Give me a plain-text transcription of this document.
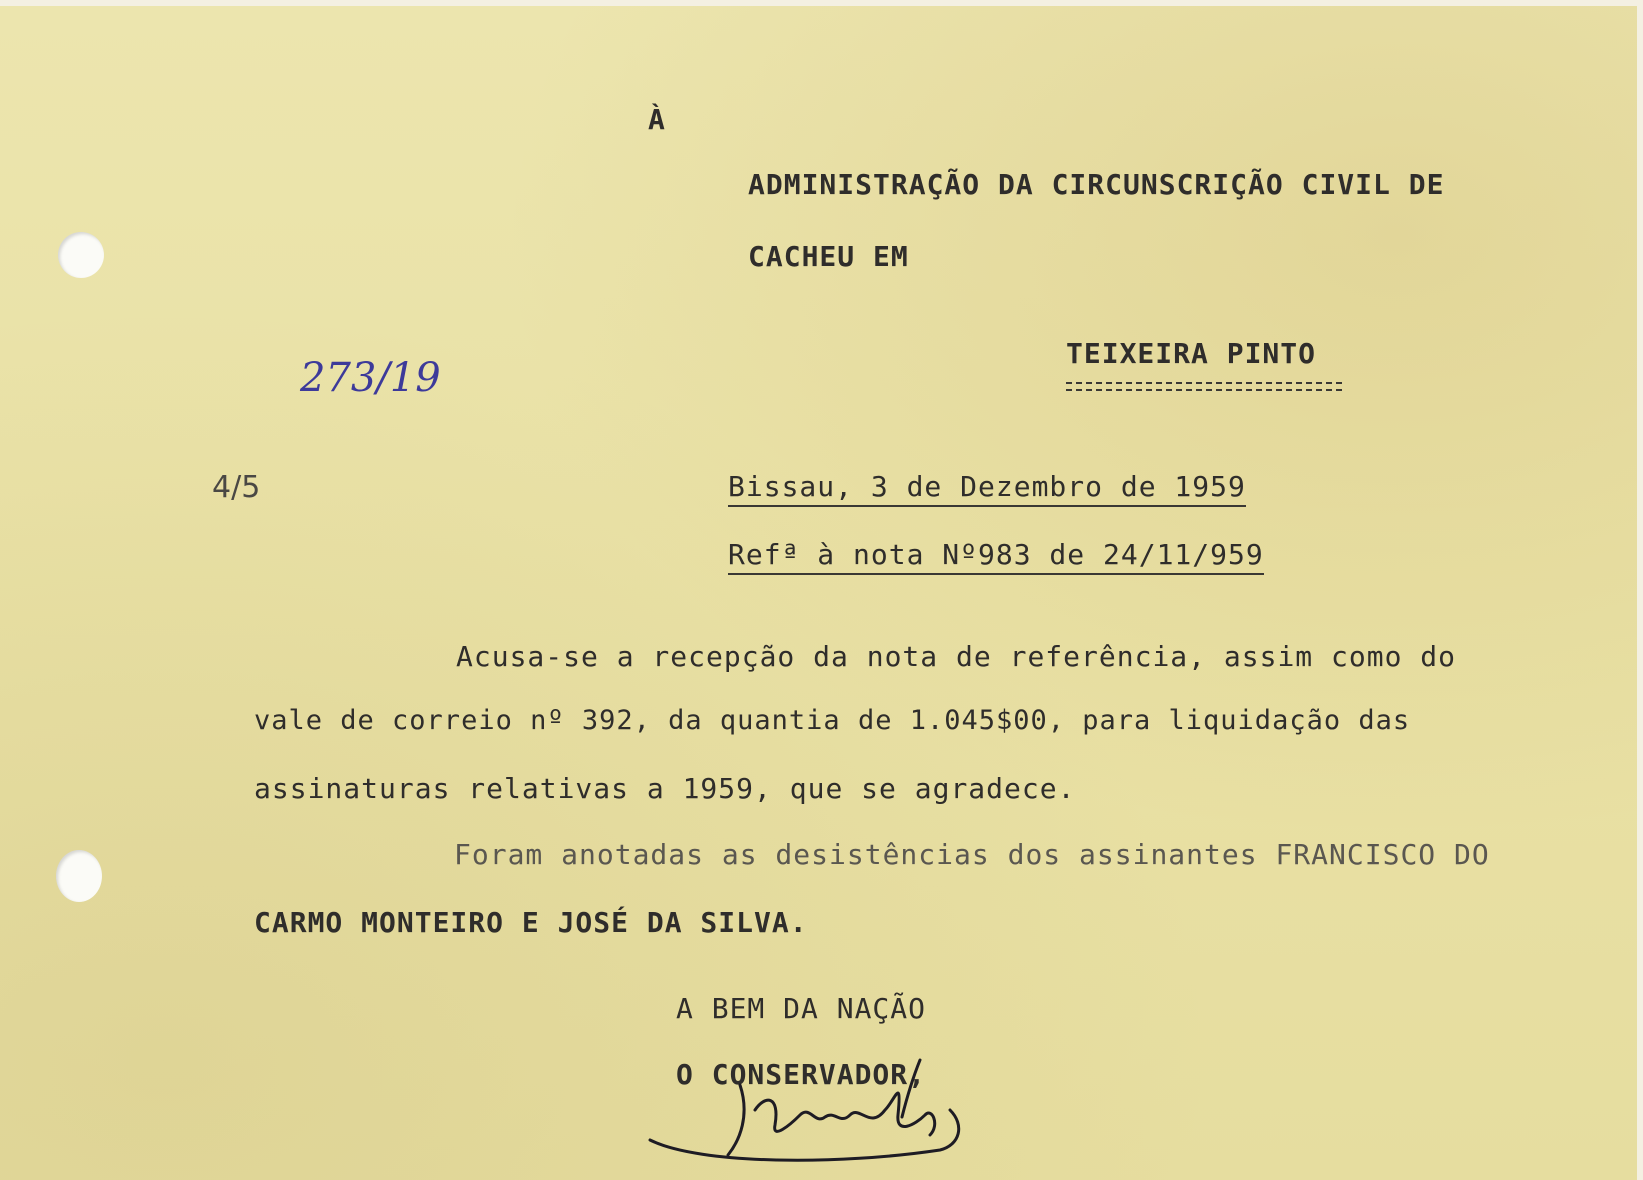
À
ADMINISTRAÇÃO DA CIRCUNSCRIÇÃO CIVIL DE
CACHEU EM
TEIXEIRA PINTO
273/19
4/5	Bissau, 3 de Dezembro de 1959
Refª à nota Nº983 de 24/11/959
Acusa-se a recepção da nota de referência, assim como do
vale de correio nº 392, da quantia de 1.045$00, para liquidação das
assinaturas relativas a 1959, que se agradece.
Foram anotadas as desistências dos assinantes FRANCISCO DO
CARMO MONTEIRO E JOSÉ DA SILVA.
A BEM DA NAÇÃO
O CONSERVADOR,
